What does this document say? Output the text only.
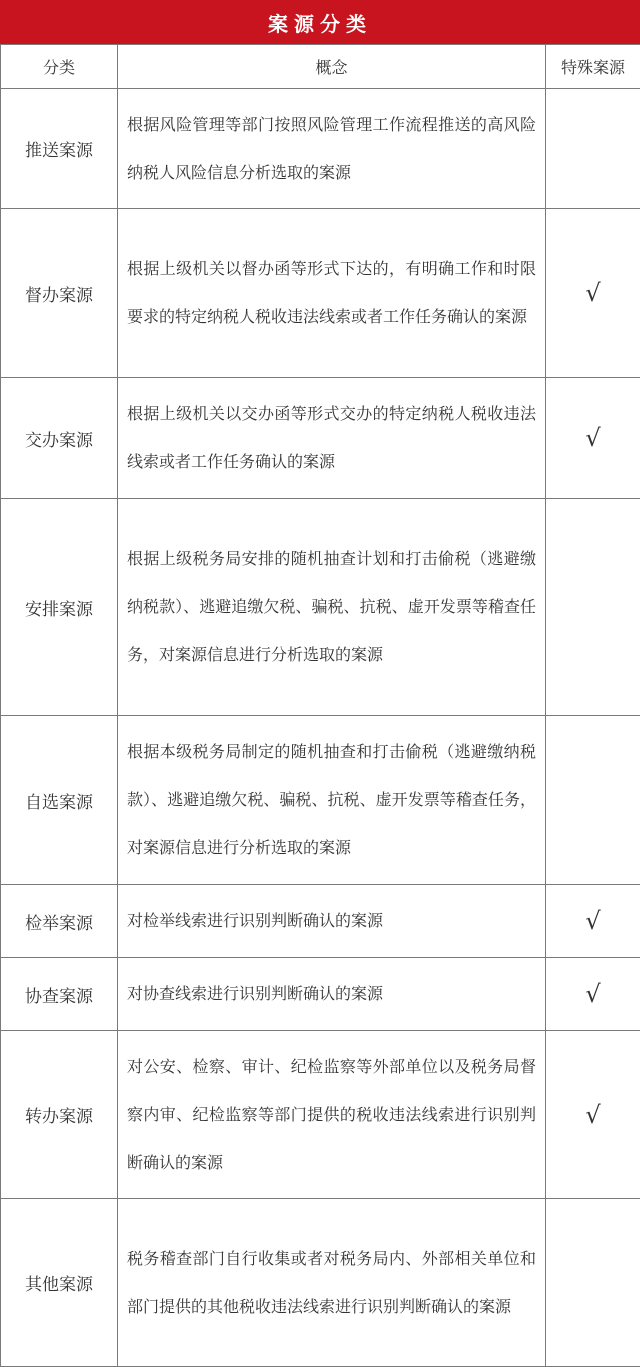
案源分类
分类	概念	特殊案源
推送案源	根据风险管理等部门按照风险管理工作流程推送的高风险纳税人风险信息分析选取的案源	
督办案源	根据上级机关以督办函等形式下达的，有明确工作和时限要求的特定纳税人税收违法线索或者工作任务确认的案源	√
交办案源	根据上级机关以交办函等形式交办的特定纳税人税收违法线索或者工作任务确认的案源	√
安排案源	根据上级税务局安排的随机抽查计划和打击偷税（逃避缴纳税款）、逃避追缴欠税、骗税、抗税、虚开发票等稽查任务，对案源信息进行分析选取的案源	
自选案源	根据本级税务局制定的随机抽查和打击偷税（逃避缴纳税款）、逃避追缴欠税、骗税、抗税、虚开发票等稽查任务，对案源信息进行分析选取的案源	
检举案源	对检举线索进行识别判断确认的案源	√
协查案源	对协查线索进行识别判断确认的案源	√
转办案源	对公安、检察、审计、纪检监察等外部单位以及税务局督察内审、纪检监察等部门提供的税收违法线索进行识别判断确认的案源	√
其他案源	税务稽查部门自行收集或者对税务局内、外部相关单位和部门提供的其他税收违法线索进行识别判断确认的案源	
